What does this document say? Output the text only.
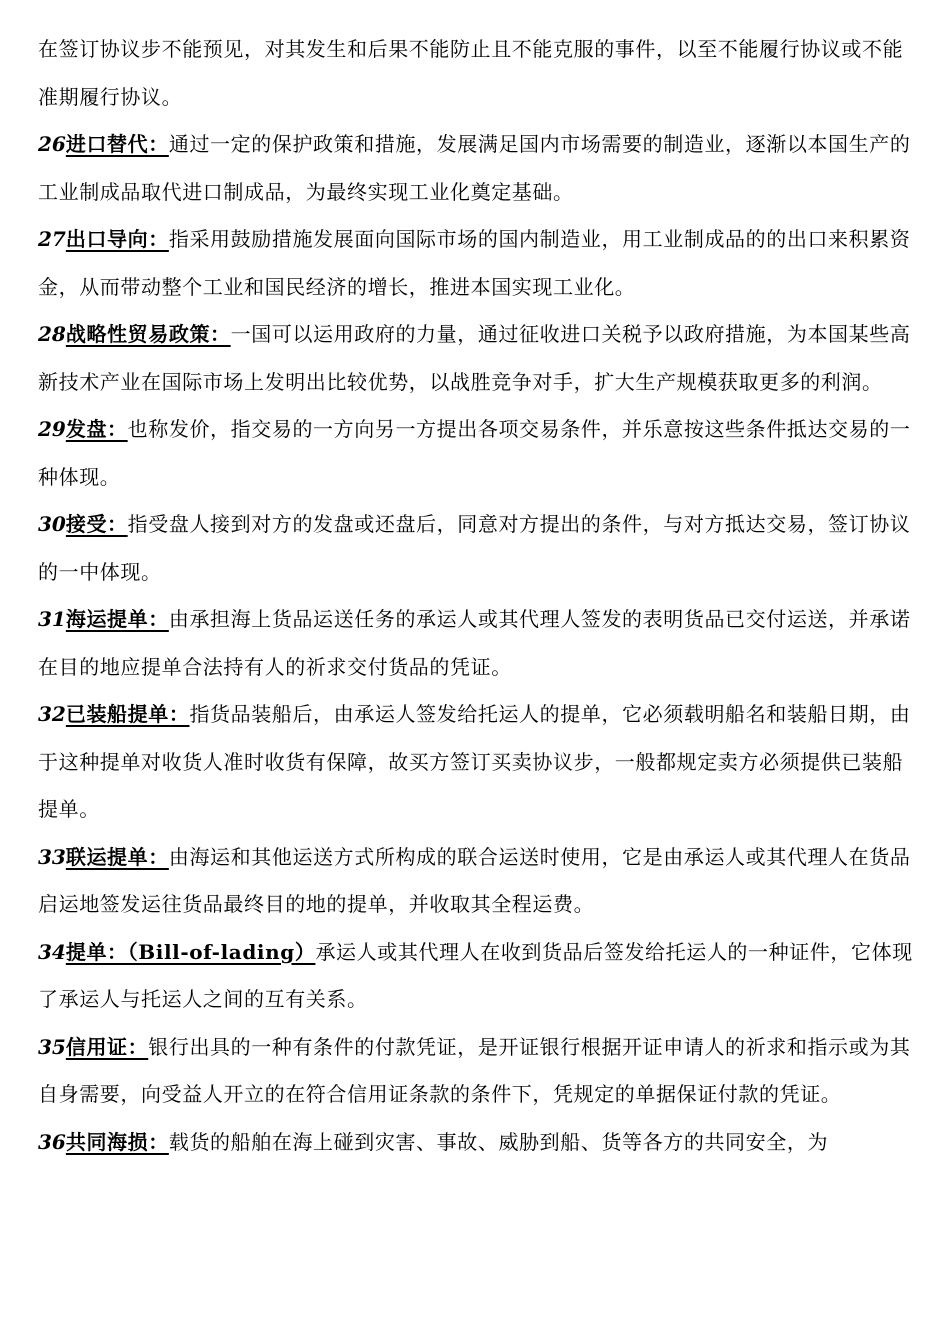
在签订协议步不能预见，对其发生和后果不能防止且不能克服的事件，以至不能履行协议或不能准期履行协议。

26进口替代：通过一定的保护政策和措施，发展满足国内市场需要的制造业，逐渐以本国生产的工业制成品取代进口制成品，为最终实现工业化奠定基础。

27出口导向：指采用鼓励措施发展面向国际市场的国内制造业，用工业制成品的的出口来积累资金，从而带动整个工业和国民经济的增长，推进本国实现工业化。

28战略性贸易政策：一国可以运用政府的力量，通过征收进口关税予以政府措施，为本国某些高新技术产业在国际市场上发明出比较优势，以战胜竞争对手，扩大生产规模获取更多的利润。

29发盘：也称发价，指交易的一方向另一方提出各项交易条件，并乐意按这些条件抵达交易的一种体现。

30接受：指受盘人接到对方的发盘或还盘后，同意对方提出的条件，与对方抵达交易，签订协议的一中体现。

31海运提单：由承担海上货品运送任务的承运人或其代理人签发的表明货品已交付运送，并承诺在目的地应提单合法持有人的祈求交付货品的凭证。

32已装船提单：指货品装船后，由承运人签发给托运人的提单，它必须载明船名和装船日期，由于这种提单对收货人准时收货有保障，故买方签订买卖协议步，一般都规定卖方必须提供已装船提单。

33联运提单：由海运和其他运送方式所构成的联合运送时使用，它是由承运人或其代理人在货品启运地签发运往货品最终目的地的提单，并收取其全程运费。

34提单：（Bill-of-lading）承运人或其代理人在收到货品后签发给托运人的一种证件，它体现了承运人与托运人之间的互有关系。

35信用证：银行出具的一种有条件的付款凭证，是开证银行根据开证申请人的祈求和指示或为其自身需要，向受益人开立的在符合信用证条款的条件下，凭规定的单据保证付款的凭证。

36共同海损：载货的船舶在海上碰到灾害、事故、威胁到船、货等各方的共同安全，为
